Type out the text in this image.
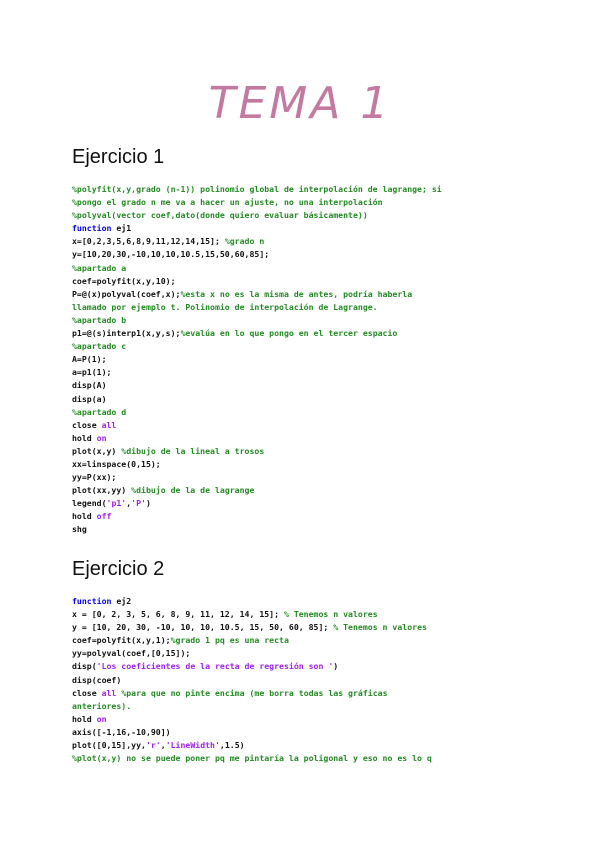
TEMA 1
Ejercicio 1
%polyfit(x,y,grado (n-1)) polinomio global de interpolación de lagrange; si
%pongo el grado n me va a hacer un ajuste, no una interpolación
%polyval(vector coef,dato(donde quiero evaluar básicamente))
function ej1
x=[0,2,3,5,6,8,9,11,12,14,15]; %grado n
y=[10,20,30,-10,10,10,10.5,15,50,60,85];
%apartado a
coef=polyfit(x,y,10);
P=@(x)polyval(coef,x);%esta x no es la misma de antes, podría haberla
llamado por ejemplo t. Polinomio de interpolación de Lagrange.
%apartado b
p1=@(s)interp1(x,y,s);%evalúa en lo que pongo en el tercer espacio
%apartado c
A=P(1);
a=p1(1);
disp(A)
disp(a)
%apartado d
close all
hold on
plot(x,y) %dibujo de la lineal a trosos
xx=linspace(0,15);
yy=P(xx);
plot(xx,yy) %dibujo de la de lagrange
legend('p1','P')
hold off
shg
Ejercicio 2
function ej2
x = [0, 2, 3, 5, 6, 8, 9, 11, 12, 14, 15]; % Tenemos n valores
y = [10, 20, 30, -10, 10, 10, 10.5, 15, 50, 60, 85]; % Tenemos n valores
coef=polyfit(x,y,1);%grado 1 pq es una recta
yy=polyval(coef,[0,15]);
disp('Los coeficientes de la recta de regresión son ')
disp(coef)
close all %para que no pinte encima (me borra todas las gráficas
anteriores).
hold on
axis([-1,16,-10,90])
plot([0,15],yy,'r','LineWidth',1.5)
%plot(x,y) no se puede poner pq me pintaría la poligonal y eso no es lo q
